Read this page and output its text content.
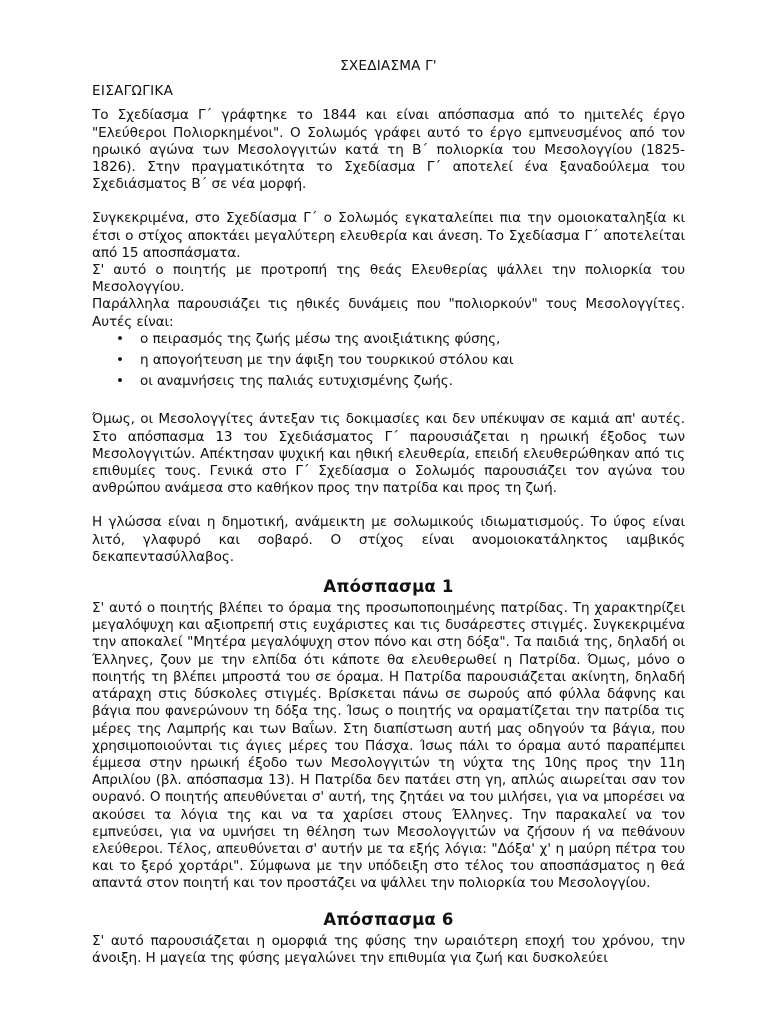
ΣΧΕΔΙΑΣΜΑ Γ'
ΕΙΣΑΓΩΓΙΚΑ

Το Σχεδίασμα Γ΄ γράφτηκε το 1844 και είναι απόσπασμα από το ημιτελές έργο "Ελεύθεροι Πολιορκημένοι". Ο Σολωμός γράφει αυτό το έργο εμπνευσμένος από τον ηρωικό αγώνα των Μεσολογγιτών κατά τη Β΄ πολιορκία του Μεσολογγίου (1825-1826). Στην πραγματικότητα το Σχεδίασμα Γ΄ αποτελεί ένα ξαναδούλεμα του Σχεδιάσματος Β΄ σε νέα μορφή.

Συγκεκριμένα, στο Σχεδίασμα Γ΄ ο Σολωμός εγκαταλείπει πια την ομοιοκαταληξία κι έτσι ο στίχος αποκτάει μεγαλύτερη ελευθερία και άνεση. Το Σχεδίασμα Γ΄ αποτελείται από 15 αποσπάσματα.

Σ' αυτό ο ποιητής με προτροπή της θεάς Ελευθερίας ψάλλει την πολιορκία του Μεσολογγίου.

Παράλληλα παρουσιάζει τις ηθικές δυνάμεις που "πολιορκούν" τους Μεσολογγίτες. Αυτές είναι:

• ο πειρασμός της ζωής μέσω της ανοιξιάτικης φύσης,
• η απογοήτευση με την άφιξη του τουρκικού στόλου και
• οι αναμνήσεις της παλιάς ευτυχισμένης ζωής.

Όμως, οι Μεσολογγίτες άντεξαν τις δοκιμασίες και δεν υπέκυψαν σε καμιά απ' αυτές. Στο απόσπασμα 13 του Σχεδιάσματος Γ΄ παρουσιάζεται η ηρωική έξοδος των Μεσολογγιτών. Απέκτησαν ψυχική και ηθική ελευθερία, επειδή ελευθερώθηκαν από τις επιθυμίες τους. Γενικά στο Γ΄ Σχεδίασμα ο Σολωμός παρουσιάζει τον αγώνα του ανθρώπου ανάμεσα στο καθήκον προς την πατρίδα και προς τη ζωή.

Η γλώσσα είναι η δημοτική, ανάμεικτη με σολωμικούς ιδιωματισμούς. Το ύφος είναι λιτό, γλαφυρό και σοβαρό. Ο στίχος είναι ανομοιοκατάληκτος ιαμβικός δεκαπεντασύλλαβος.

Απόσπασμα 1

Σ' αυτό ο ποιητής βλέπει το όραμα της προσωποποιημένης πατρίδας. Τη χαρακτηρίζει μεγαλόψυχη και αξιοπρεπή στις ευχάριστες και τις δυσάρεστες στιγμές. Συγκεκριμένα την αποκαλεί "Μητέρα μεγαλόψυχη στον πόνο και στη δόξα". Τα παιδιά της, δηλαδή οι Έλληνες, ζουν με την ελπίδα ότι κάποτε θα ελευθερωθεί η Πατρίδα. Όμως, μόνο ο ποιητής τη βλέπει μπροστά του σε όραμα. Η Πατρίδα παρουσιάζεται ακίνητη, δηλαδή ατάραχη στις δύσκολες στιγμές. Βρίσκεται πάνω σε σωρούς από φύλλα δάφνης και βάγια που φανερώνουν τη δόξα της. Ίσως ο ποιητής να οραματίζεται την πατρίδα τις μέρες της Λαμπρής και των Βαΐων. Στη διαπίστωση αυτή μας οδηγούν τα βάγια, που χρησιμοποιούνται τις άγιες μέρες του Πάσχα. Ίσως πάλι το όραμα αυτό παραπέμπει έμμεσα στην ηρωική έξοδο των Μεσολογγιτών τη νύχτα της 10ης προς την 11η Απριλίου (βλ. απόσπασμα 13). Η Πατρίδα δεν πατάει στη γη, απλώς αιωρείται σαν τον ουρανό. Ο ποιητής απευθύνεται σ' αυτή, της ζητάει να του μιλήσει, για να μπορέσει να ακούσει τα λόγια της και να τα χαρίσει στους Έλληνες. Την παρακαλεί να τον εμπνεύσει, για να υμνήσει τη θέληση των Μεσολογγιτών να ζήσουν ή να πεθάνουν ελεύθεροι. Τέλος, απευθύνεται σ' αυτήν με τα εξής λόγια: "Δόξα' χ' η μαύρη πέτρα του και το ξερό χορτάρι". Σύμφωνα με την υπόδειξη στο τέλος του αποσπάσματος η θεά απαντά στον ποιητή και τον προστάζει να ψάλλει την πολιορκία του Μεσολογγίου.

Απόσπασμα 6

Σ' αυτό παρουσιάζεται η ομορφιά της φύσης την ωραιότερη εποχή του χρόνου, την άνοιξη. Η μαγεία της φύσης μεγαλώνει την επιθυμία για ζωή και δυσκολεύει
